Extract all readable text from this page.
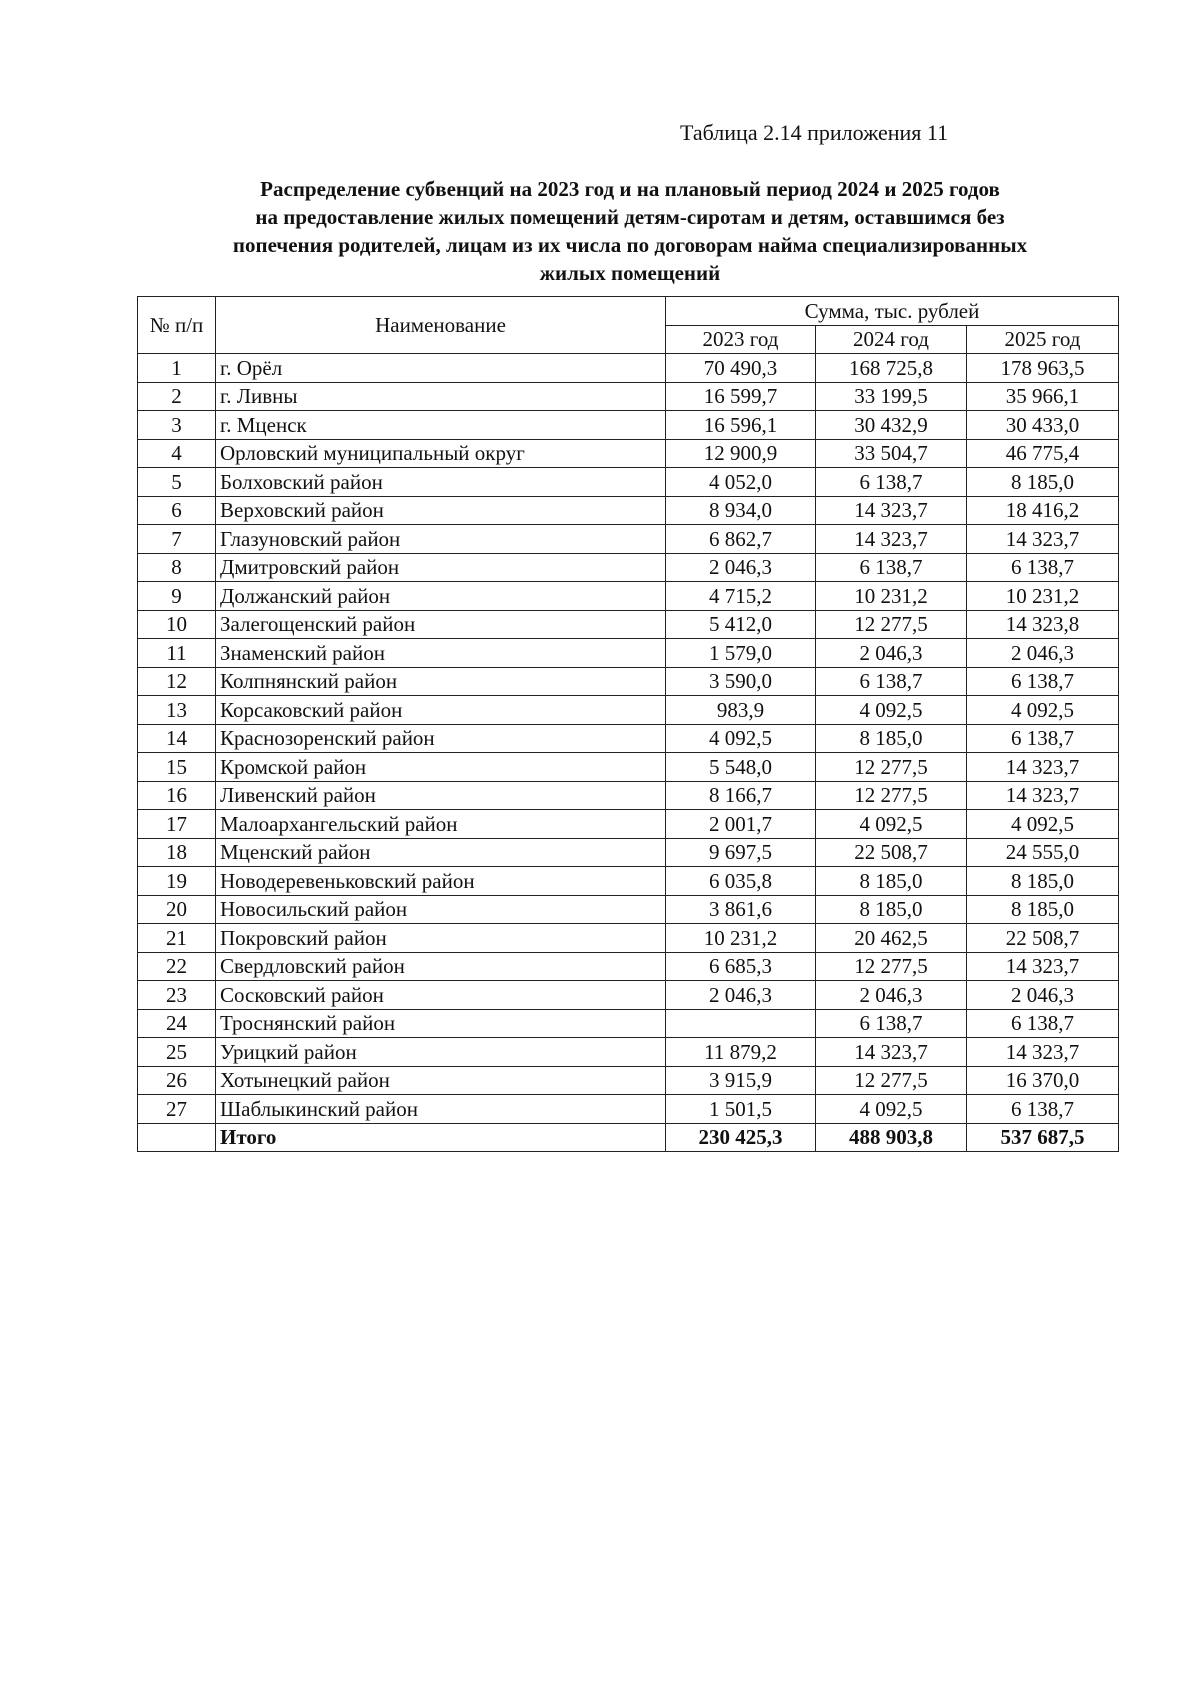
Таблица 2.14 приложения 11
Распределение субвенций на 2023 год и на плановый период 2024 и 2025 годов
на предоставление жилых помещений детям-сиротам и детям, оставшимся без
попечения родителей, лицам из их числа по договорам найма специализированных
жилых помещений
№ п/п	Наименование	Сумма, тыс. рублей		
		2023 год	2024 год	2025 год
1	г. Орёл	70 490,3	168 725,8	178 963,5
2	г. Ливны	16 599,7	33 199,5	35 966,1
3	г. Мценск	16 596,1	30 432,9	30 433,0
4	Орловский муниципальный округ	12 900,9	33 504,7	46 775,4
5	Болховский район	4 052,0	6 138,7	8 185,0
6	Верховский район	8 934,0	14 323,7	18 416,2
7	Глазуновский район	6 862,7	14 323,7	14 323,7
8	Дмитровский район	2 046,3	6 138,7	6 138,7
9	Должанский район	4 715,2	10 231,2	10 231,2
10	Залегощенский район	5 412,0	12 277,5	14 323,8
11	Знаменский район	1 579,0	2 046,3	2 046,3
12	Колпнянский район	3 590,0	6 138,7	6 138,7
13	Корсаковский район	983,9	4 092,5	4 092,5
14	Краснозоренский район	4 092,5	8 185,0	6 138,7
15	Кромской район	5 548,0	12 277,5	14 323,7
16	Ливенский район	8 166,7	12 277,5	14 323,7
17	Малоархангельский район	2 001,7	4 092,5	4 092,5
18	Мценский район	9 697,5	22 508,7	24 555,0
19	Новодеревеньковский район	6 035,8	8 185,0	8 185,0
20	Новосильский район	3 861,6	8 185,0	8 185,0
21	Покровский район	10 231,2	20 462,5	22 508,7
22	Свердловский район	6 685,3	12 277,5	14 323,7
23	Сосковский район	2 046,3	2 046,3	2 046,3
24	Троснянский район		6 138,7	6 138,7
25	Урицкий район	11 879,2	14 323,7	14 323,7
26	Хотынецкий район	3 915,9	12 277,5	16 370,0
27	Шаблыкинский район	1 501,5	4 092,5	6 138,7
	Итого	230 425,3	488 903,8	537 687,5
